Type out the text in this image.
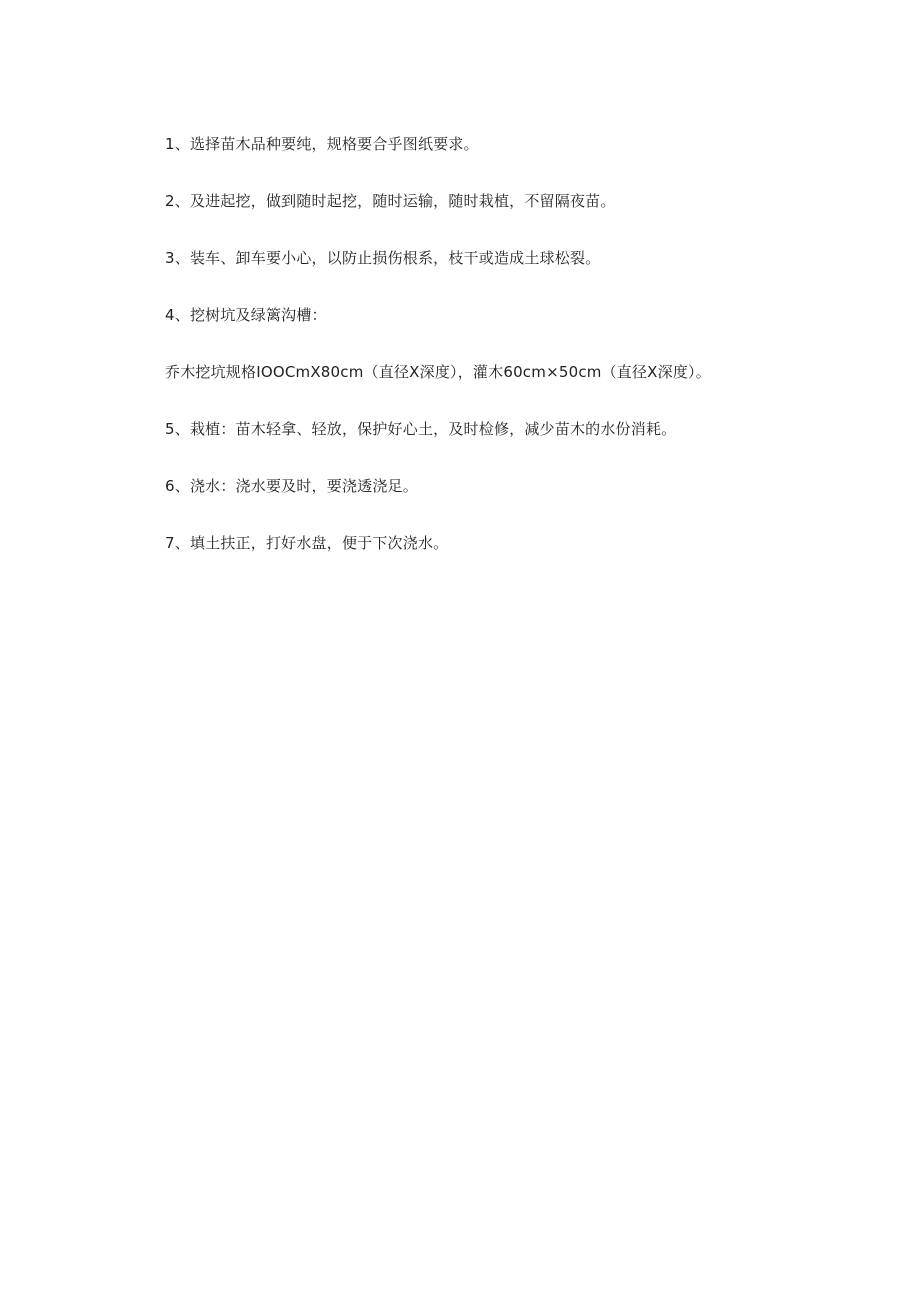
1、选择苗木品种要纯，规格要合乎图纸要求。

2、及进起挖，做到随时起挖，随时运输，随时栽植，不留隔夜苗。

3、装车、卸车要小心，以防止损伤根系，枝干或造成土球松裂。

4、挖树坑及绿篱沟槽：

乔木挖坑规格IOOCmX80cm（直径X深度），灌木60cm×50cm（直径X深度）。

5、栽植：苗木轻拿、轻放，保护好心土，及时检修，减少苗木的水份消耗。

6、浇水：浇水要及时，要浇透浇足。

7、填土扶正，打好水盘，便于下次浇水。
